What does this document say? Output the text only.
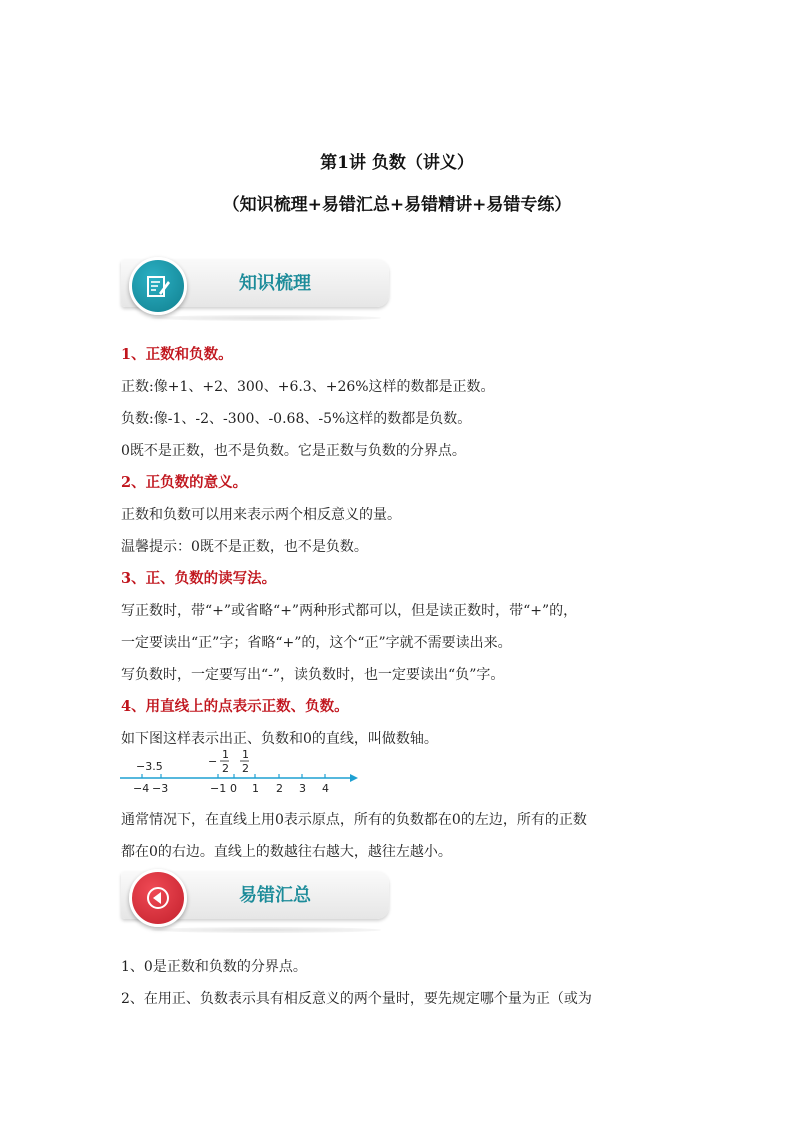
第1讲 负数（讲义）
（知识梳理+易错汇总+易错精讲+易错专练）
知识梳理
1、正数和负数。
正数:像+1、+2、300、+6.3、+26%这样的数都是正数。
负数:像-1、-2、-300、-0.68、-5%这样的数都是负数。
0既不是正数，也不是负数。它是正数与负数的分界点。
2、正负数的意义。
正数和负数可以用来表示两个相反意义的量。
温馨提示：0既不是正数，也不是负数。
3、正、负数的读写法。
写正数时，带“+”或省略“+”两种形式都可以，但是读正数时，带“+”的，
一定要读出“正”字；省略“+”的，这个“正”字就不需要读出来。
写负数时，一定要写出“-”，读负数时，也一定要读出“负”字。
4、用直线上的点表示正数、负数。
如下图这样表示出正、负数和0的直线，叫做数轴。
−4 −3	−1 0 1 2 3 4
−3.5	−
1
2
1
2
通常情况下，在直线上用0表示原点，所有的负数都在0的左边，所有的正数
都在0的右边。直线上的数越往右越大，越往左越小。
易错汇总
1、0是正数和负数的分界点。
2、在用正、负数表示具有相反意义的两个量时，要先规定哪个量为正（或为
